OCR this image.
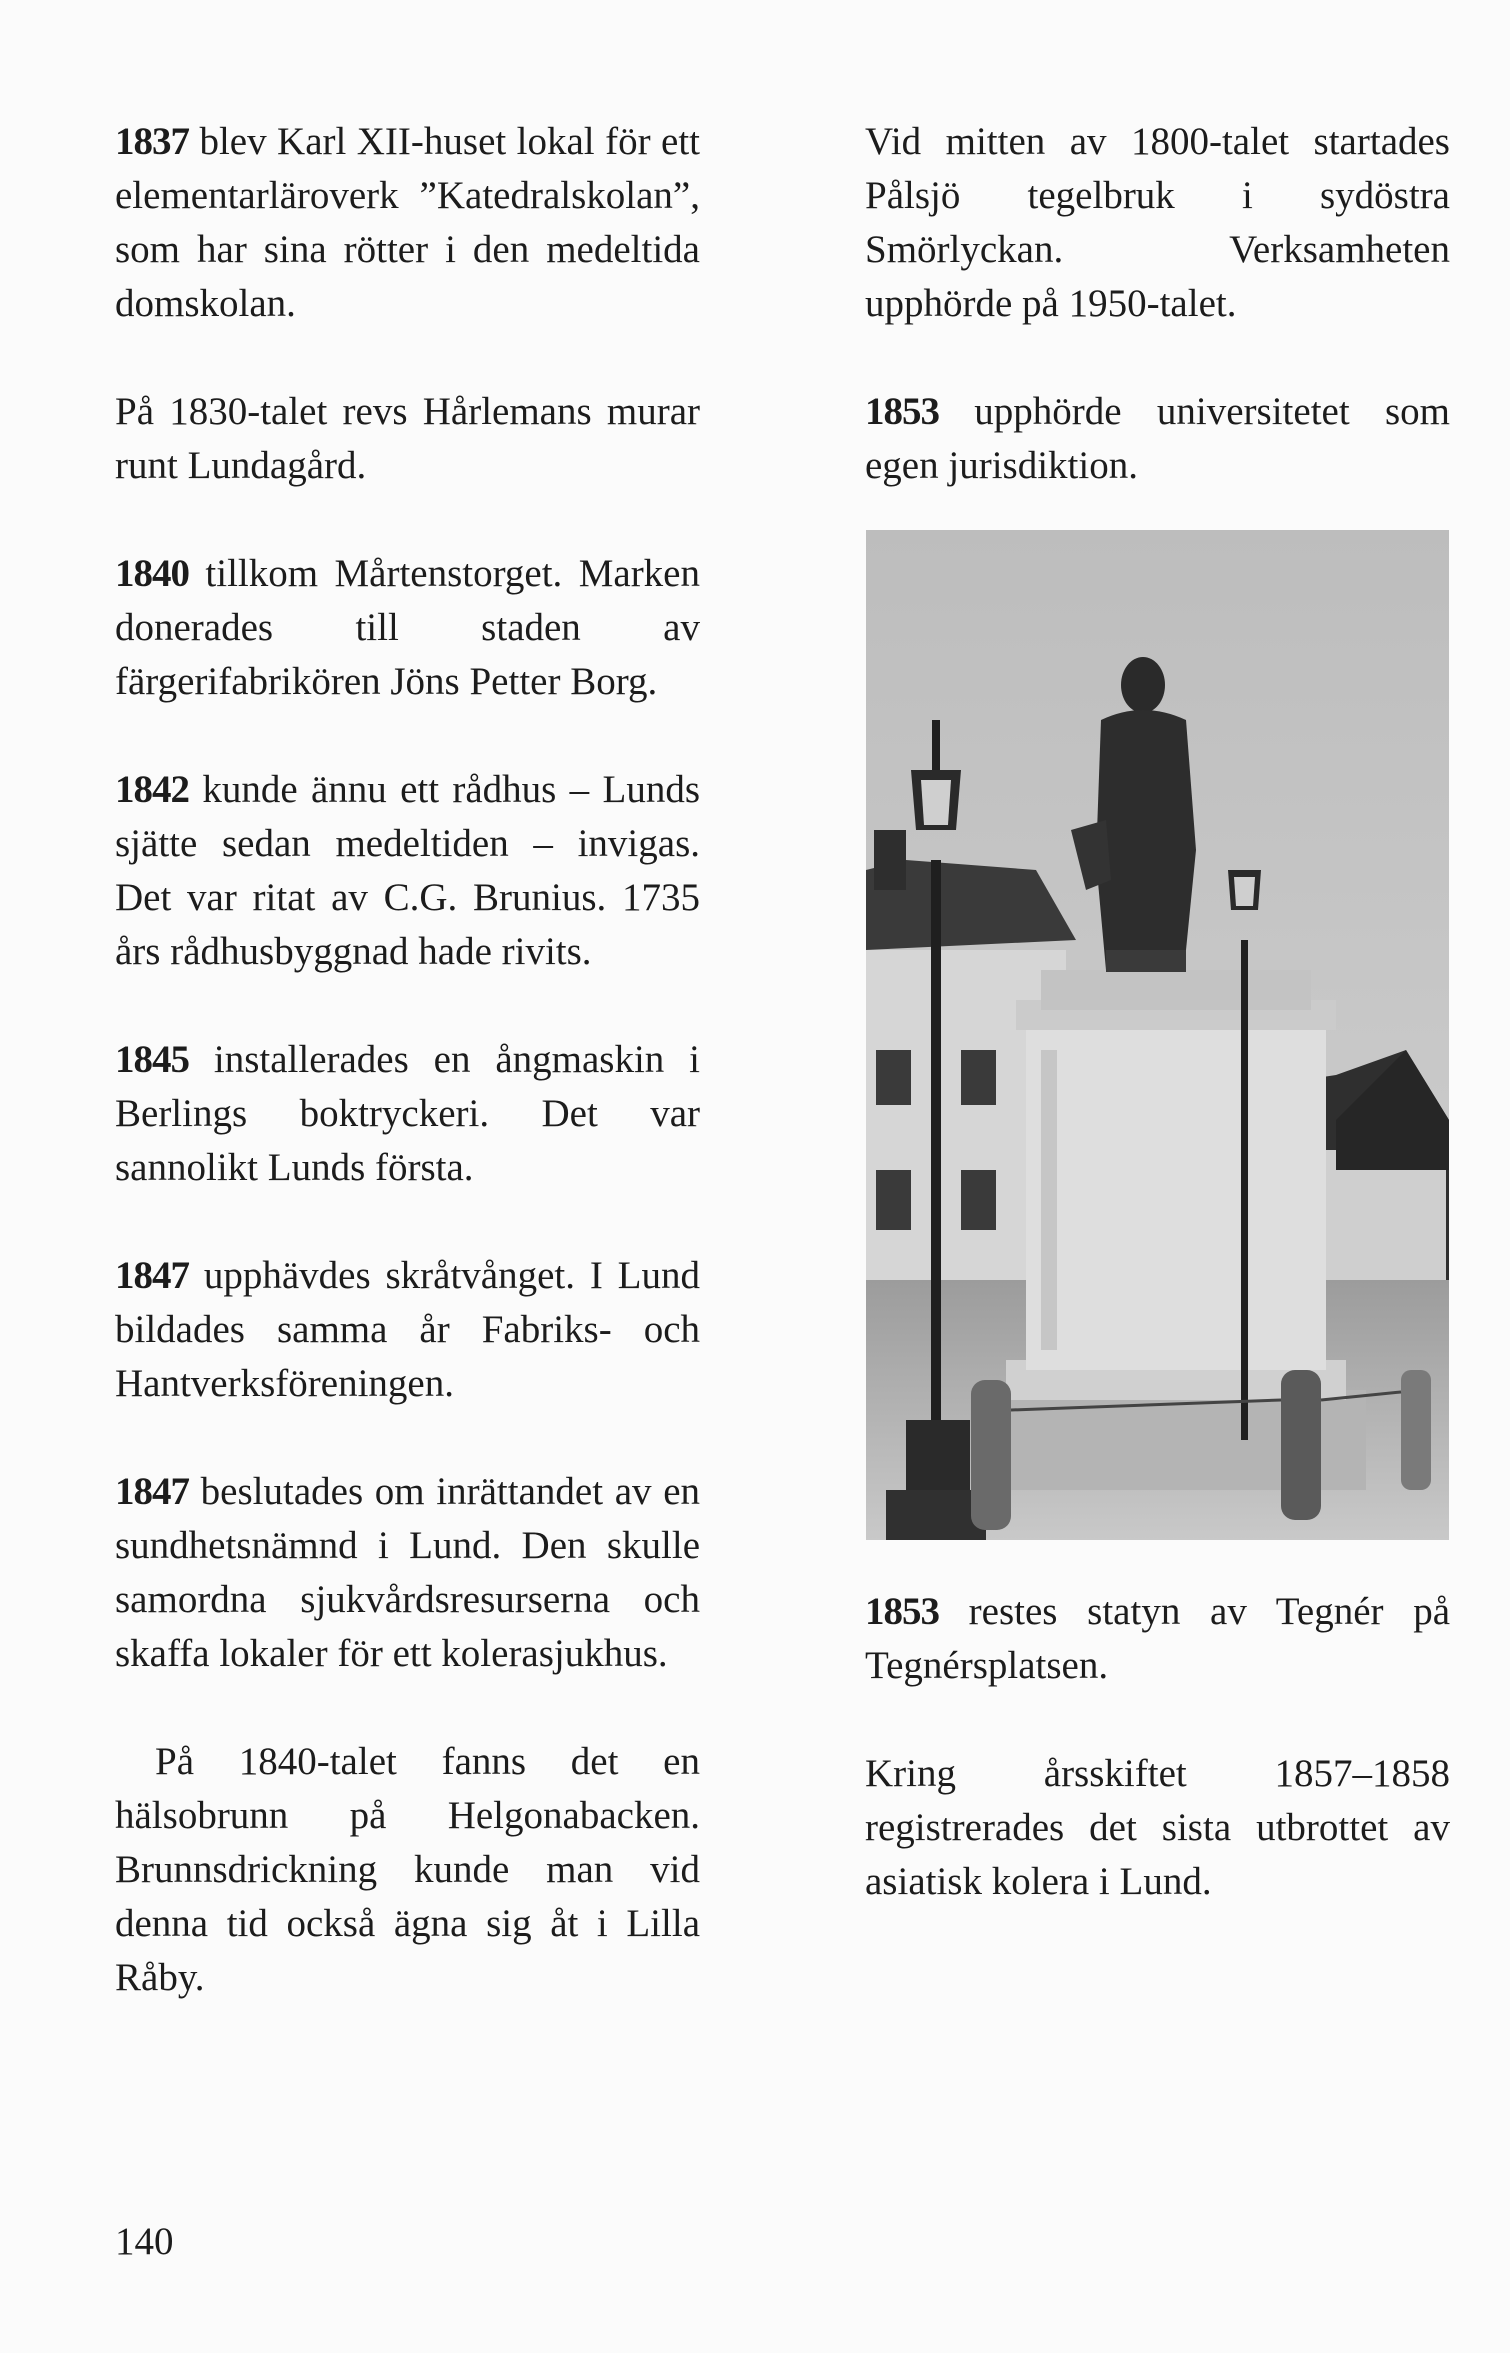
1837 blev Karl XII-huset lokal för ett elementarläroverk ”Katedralskolan”, som har sina rötter i den medeltida domskolan.

På 1830-talet revs Hårlemans murar runt Lundagård.

1840 tillkom Mårtenstorget. Marken donerades till staden av färgerifabrikören Jöns Petter Borg.

1842 kunde ännu ett rådhus – Lunds sjätte sedan medeltiden – invigas. Det var ritat av C.G. Brunius. 1735 års rådhusbyggnad hade rivits.

1845 installerades en ångmaskin i Berlings boktryckeri. Det var sannolikt Lunds första.

1847 upphävdes skråtvånget. I Lund bildades samma år Fabriks- och Hantverksföreningen.

1847 beslutades om inrättandet av en sundhetsnämnd i Lund. Den skulle samordna sjukvårdsresurserna och skaffa lokaler för ett kolerasjukhus.

På 1840-talet fanns det en hälsobrunn på Helgonabacken. Brunnsdrickning kunde man vid denna tid också ägna sig åt i Lilla Råby.

Vid mitten av 1800-talet startades Pålsjö tegelbruk i sydöstra Smörlyckan. Verksamheten upphörde på 1950-talet.

1853 upphörde universitetet som egen jurisdiktion.

1853 restes statyn av Tegnér på Tegnérsplatsen.

Kring årsskiftet 1857–1858 registrerades det sista utbrottet av asiatisk kolera i Lund.

140
